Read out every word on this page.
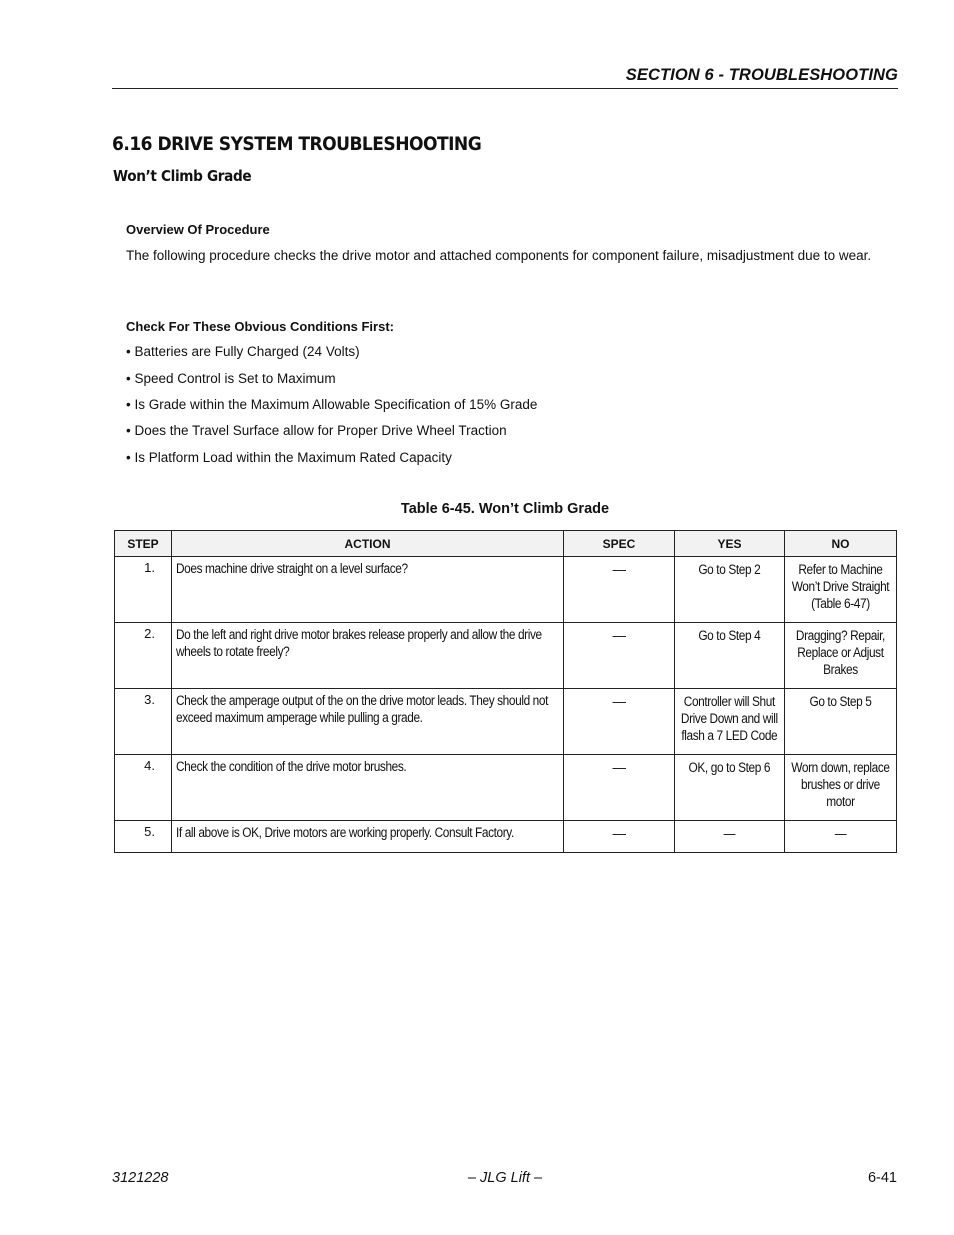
SECTION 6 - TROUBLESHOOTING
6.16 DRIVE SYSTEM TROUBLESHOOTING
Won’t Climb Grade
Overview Of Procedure
The following procedure checks the drive motor and attached components for component failure, misadjustment due to wear.
Check For These Obvious Conditions First:
• Batteries are Fully Charged (24 Volts)
• Speed Control is Set to Maximum
• Is Grade within the Maximum Allowable Specification of 15% Grade
• Does the Travel Surface allow for Proper Drive Wheel Traction
• Is Platform Load within the Maximum Rated Capacity
Table 6-45. Won’t Climb Grade
STEP	ACTION	SPEC	YES	NO
1.	Does machine drive straight on a level surface?	—	Go to Step 2	Refer to Machine Won’t Drive Straight (Table 6-47)
2.	Do the left and right drive motor brakes release properly and allow the drive wheels to rotate freely?	—	Go to Step 4	Dragging? Repair, Replace or Adjust Brakes
3.	Check the amperage output of the on the drive motor leads. They should not exceed maximum amperage while pulling a grade.	—	Controller will Shut Drive Down and will flash a 7 LED Code	Go to Step 5
4.	Check the condition of the drive motor brushes.	—	OK, go to Step 6	Worn down, replace brushes or drive motor
5.	If all above is OK, Drive motors are working properly. Consult Factory.	—	—	—
3121228	– JLG Lift –	6-41
